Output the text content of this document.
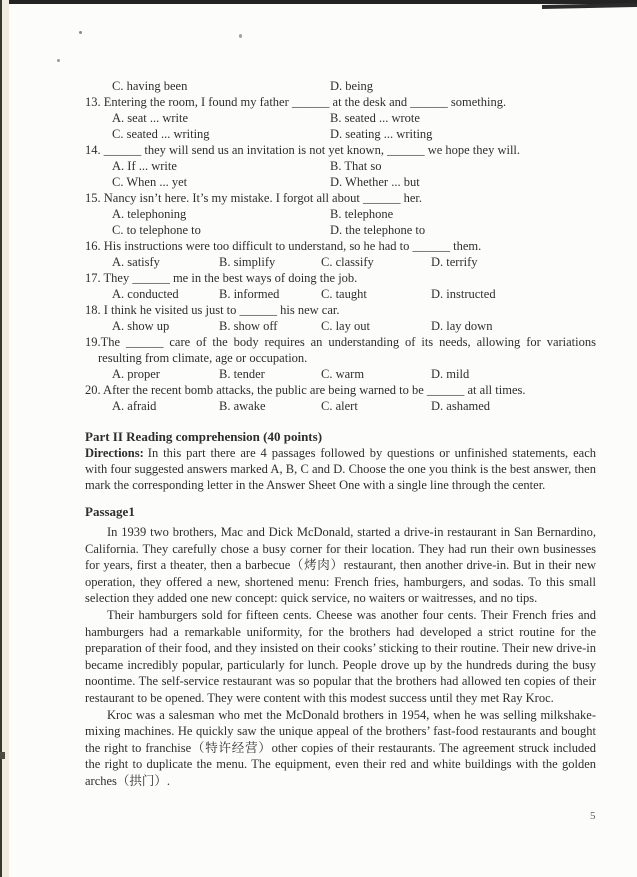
C. having been	D. being
13. Entering the room, I found my father ______ at the desk and ______ something.
A. seat ... write	B. seated ... wrote
C. seated ... writing	D. seating ... writing
14. ______ they will send us an invitation is not yet known, ______ we hope they will.
A. If ... write	B. That so
C. When ... yet	D. Whether ... but
15. Nancy isn’t here. It’s my mistake. I forgot all about ______ her.
A. telephoning	B. telephone
C. to telephone to	D. the telephone to
16. His instructions were too difficult to understand, so he had to ______ them.
A. satisfy	B. simplify	C. classify	D. terrify
17. They ______ me in the best ways of doing the job.
A. conducted	B. informed	C. taught	D. instructed
18. I think he visited us just to ______ his new car.
A. show up	B. show off	C. lay out	D. lay down
19.The ______ care of the body requires an understanding of its needs, allowing for variations resulting from climate, age or occupation.
A. proper	B. tender	C. warm	D. mild
20. After the recent bomb attacks, the public are being warned to be ______ at all times.
A. afraid	B. awake	C. alert	D. ashamed
Part II Reading comprehension (40 points)
Directions: In this part there are 4 passages followed by questions or unfinished statements, each with four suggested answers marked A, B, C and D. Choose the one you think is the best answer, then mark the corresponding letter in the Answer Sheet One with a single line through the center.
Passage1

In 1939 two brothers, Mac and Dick McDonald, started a drive-in restaurant in San Bernardino, California. They carefully chose a busy corner for their location. They had run their own businesses for years, first a theater, then a barbecue（烤肉）restaurant, then another drive-in. But in their new operation, they offered a new, shortened menu: French fries, hamburgers, and sodas. To this small selection they added one new concept: quick service, no waiters or waitresses, and no tips.

Their hamburgers sold for fifteen cents. Cheese was another four cents. Their French fries and hamburgers had a remarkable uniformity, for the brothers had developed a strict routine for the preparation of their food, and they insisted on their cooks’ sticking to their routine. Their new drive-in became incredibly popular, particularly for lunch. People drove up by the hundreds during the busy noontime. The self-service restaurant was so popular that the brothers had allowed ten copies of their restaurant to be opened. They were content with this modest success until they met Ray Kroc.

Kroc was a salesman who met the McDonald brothers in 1954, when he was selling milkshake-mixing machines. He quickly saw the unique appeal of the brothers’ fast-food restaurants and bought the right to franchise（特许经营）other copies of their restaurants. The agreement struck included the right to duplicate the menu. The equipment, even their red and white buildings with the golden arches（拱门）.

5
